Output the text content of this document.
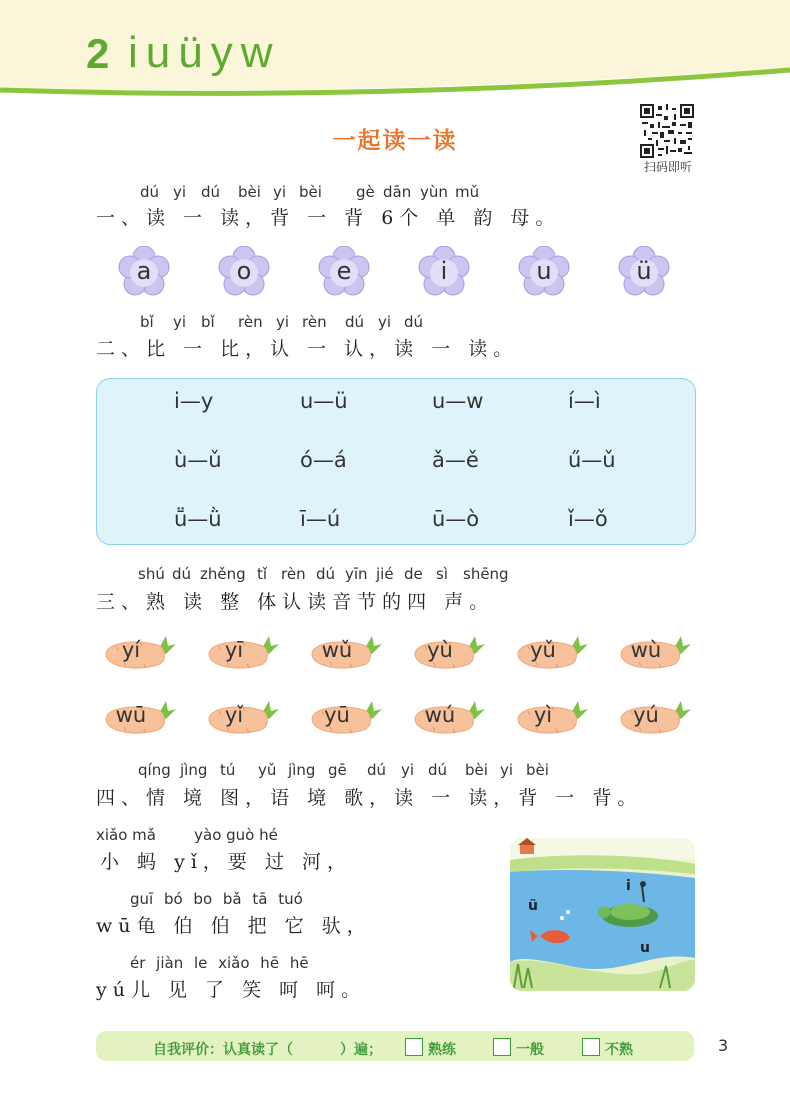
2 iuüyw
一起读一读
扫码即听
dú yi dú bèi yi bèi gè dān yùn mǔ
一、读 一 读，背 一 背 6个 单 韵 母。
a	o	e	i	u	ü
bǐ yi bǐ rèn yi rèn dú yi dú
二、比 一 比，认 一 认，读 一 读。
i—y	u—ü	u—w	í—ì
ù—ǔ	ó—á	ǎ—ě	ű—ǔ
ṻ—ǜ	ī—ú	ū—ò	ǐ—ǒ
shú dú zhěng tǐ rèn dú yīn jié de sì shēng
三、熟 读 整 体认读音节的四 声。
yí	yī	wǔ	yù	yǔ	wù
wū	yǐ	yū	wú	yì	yú
qíng jìng tú yǔ jìng gē dú yi dú bèi yi bèi
四、情 境 图，语 境 歌，读 一 读，背 一 背。
xiǎo mǎ        yào guò hé
小 蚂 yǐ，要 过 河，
guī bó bo bǎ tā tuó
wū龟 伯 伯 把 它 驮，
ér jiàn le xiǎo hē hē
yú儿 见 了 笑 呵 呵。
ü
i
u
自我评价：认真读了（	）遍；	熟练	一般	不熟	3
